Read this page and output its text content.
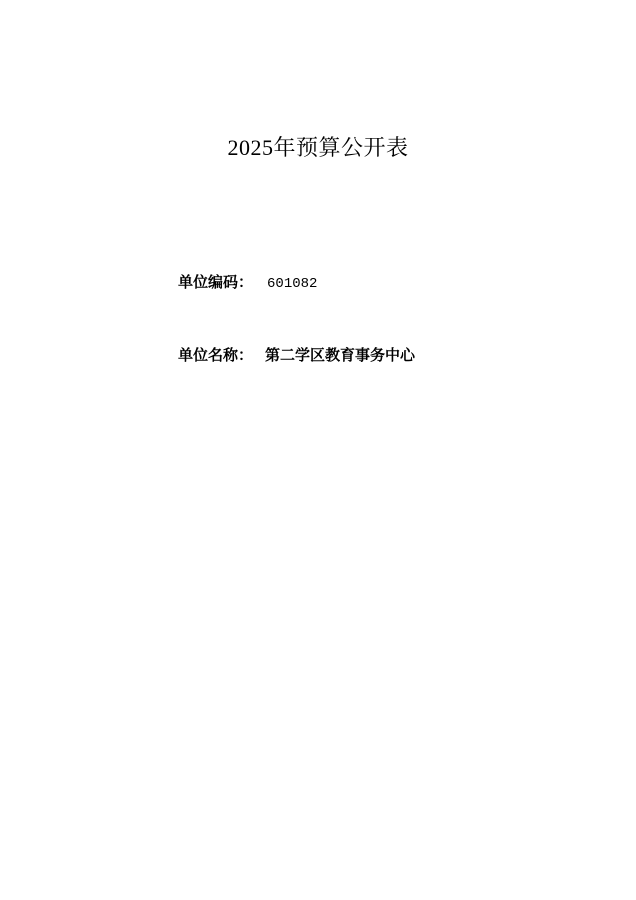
2025年预算公开表
单位编码： 601082
单位名称： 第二学区教育事务中心
